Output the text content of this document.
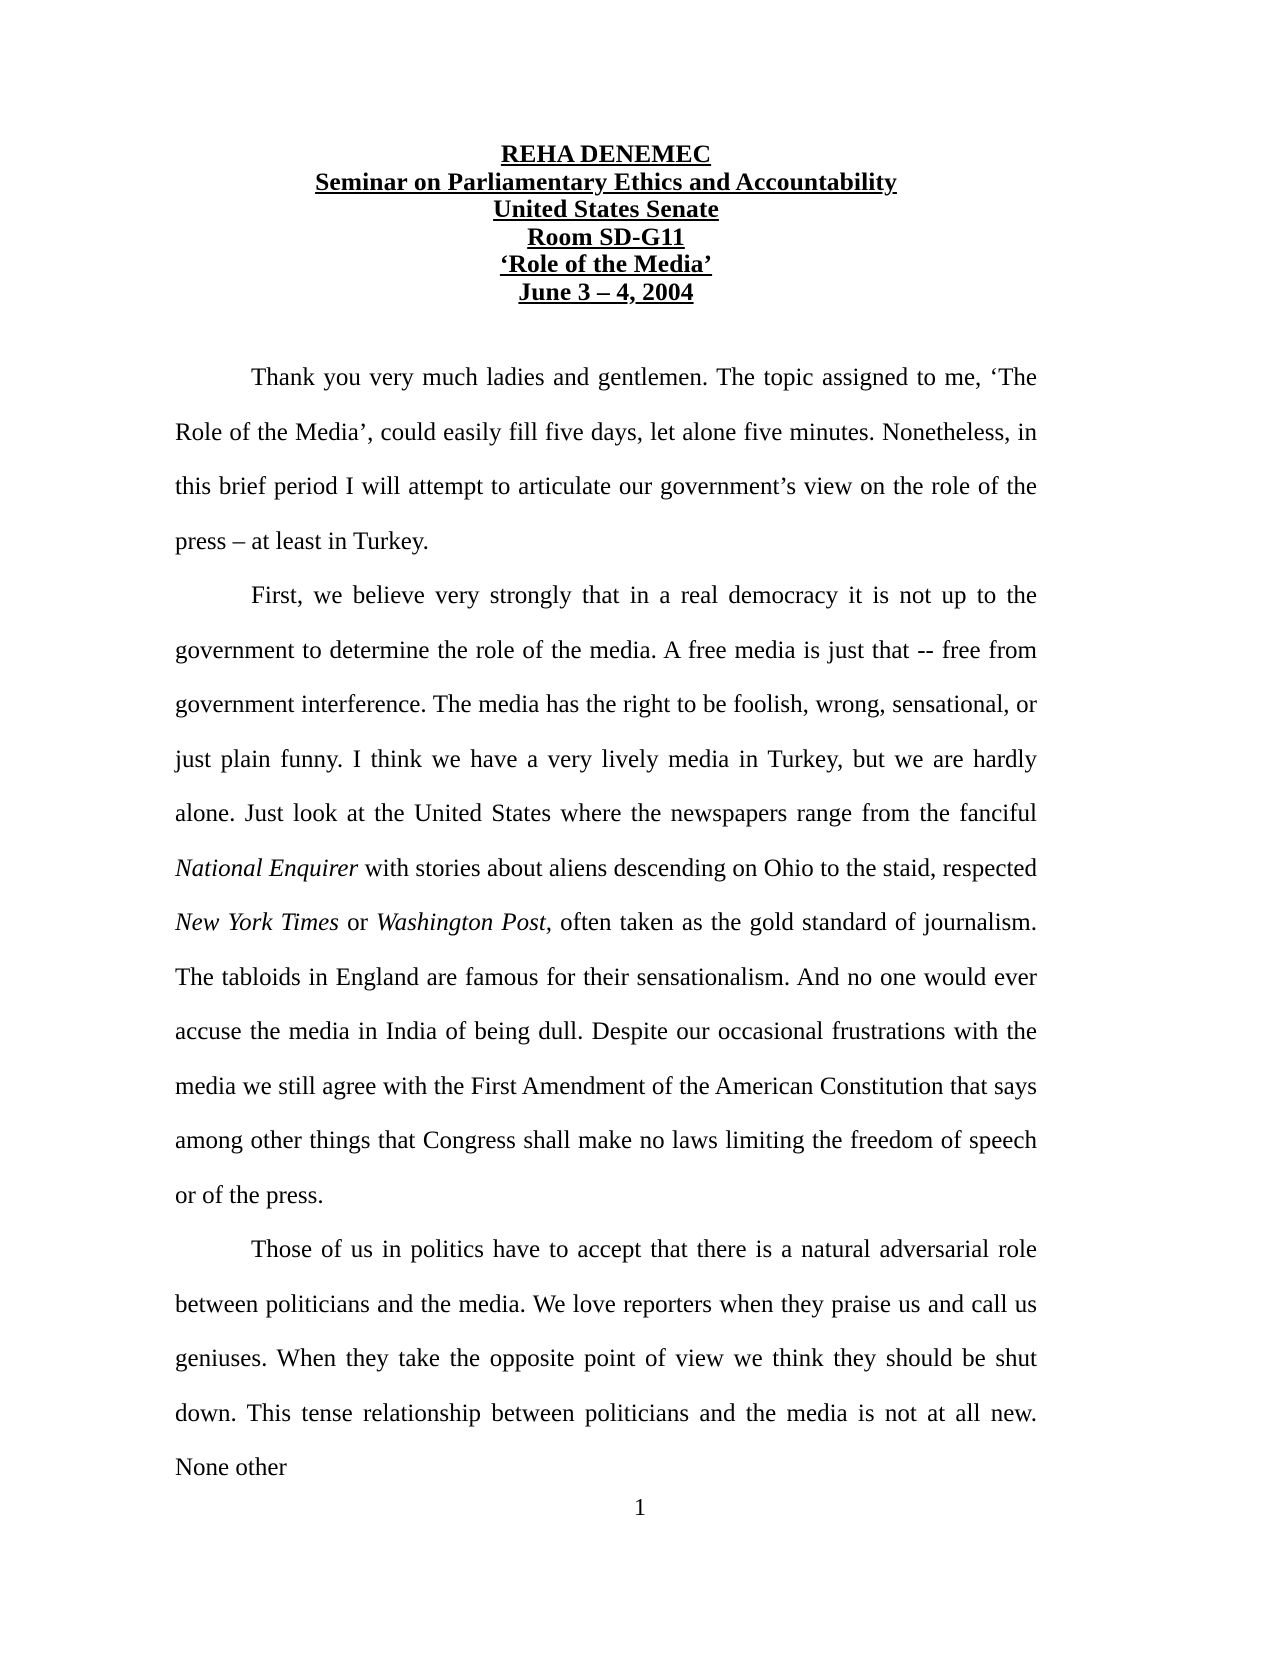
REHA DENEMEC
Seminar on Parliamentary Ethics and Accountability
United States Senate
Room SD-G11
‘Role of the Media’
June 3 – 4, 2004

Thank you very much ladies and gentlemen. The topic assigned to me, ‘The Role of the Media’, could easily fill five days, let alone five minutes. Nonetheless, in this brief period I will attempt to articulate our government’s view on the role of the press – at least in Turkey.

First, we believe very strongly that in a real democracy it is not up to the government to determine the role of the media. A free media is just that -- free from government interference. The media has the right to be foolish, wrong, sensational, or just plain funny. I think we have a very lively media in Turkey, but we are hardly alone. Just look at the United States where the newspapers range from the fanciful National Enquirer with stories about aliens descending on Ohio to the staid, respected New York Times or Washington Post, often taken as the gold standard of journalism. The tabloids in England are famous for their sensationalism. And no one would ever accuse the media in India of being dull. Despite our occasional frustrations with the media we still agree with the First Amendment of the American Constitution that says among other things that Congress shall make no laws limiting the freedom of speech or of the press.

Those of us in politics have to accept that there is a natural adversarial role between politicians and the media. We love reporters when they praise us and call us geniuses. When they take the opposite point of view we think they should be shut down. This tense relationship between politicians and the media is not at all new. None other

1
